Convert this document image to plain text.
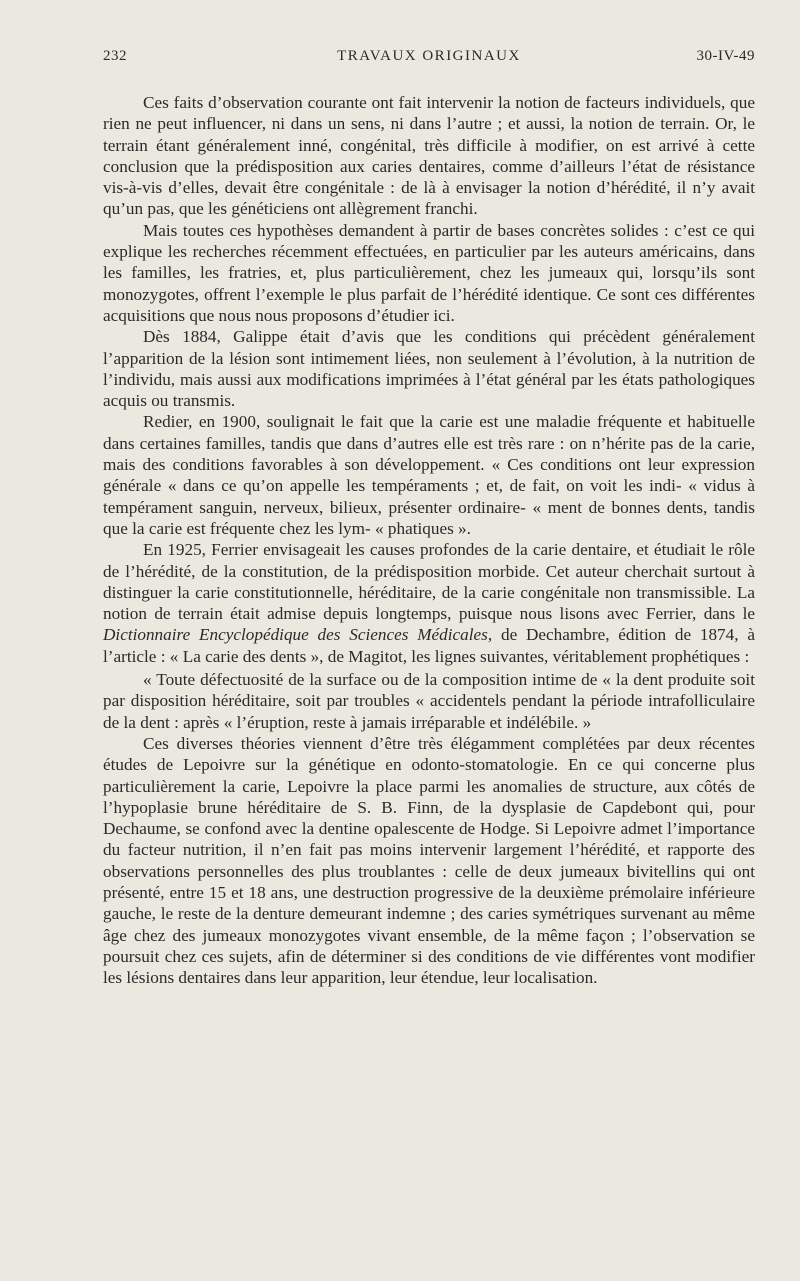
232	TRAVAUX ORIGINAUX	30-IV-49

Ces faits d’observation courante ont fait intervenir la notion de facteurs individuels, que rien ne peut influencer, ni dans un sens, ni dans l’autre ; et aussi, la notion de terrain. Or, le terrain étant généralement inné, congénital, très difficile à modifier, on est arrivé à cette conclusion que la prédisposition aux caries dentaires, comme d’ailleurs l’état de résistance vis-à-vis d’elles, devait être congénitale : de là à envisager la notion d’hérédité, il n’y avait qu’un pas, que les généticiens ont allègrement franchi.

Mais toutes ces hypothèses demandent à partir de bases concrètes solides : c’est ce qui explique les recherches récemment effectuées, en particulier par les auteurs américains, dans les familles, les fratries, et, plus particulièrement, chez les jumeaux qui, lorsqu’ils sont monozygotes, offrent l’exemple le plus parfait de l’hérédité identique. Ce sont ces différentes acquisitions que nous nous proposons d’étudier ici.

Dès 1884, Galippe était d’avis que les conditions qui précèdent généralement l’apparition de la lésion sont intimement liées, non seulement à l’évolution, à la nutrition de l’individu, mais aussi aux modifications imprimées à l’état général par les états pathologiques acquis ou transmis.

Redier, en 1900, soulignait le fait que la carie est une maladie fréquente et habituelle dans certaines familles, tandis que dans d’autres elle est très rare : on n’hérite pas de la carie, mais des conditions favorables à son développement. « Ces conditions ont leur expression générale « dans ce qu’on appelle les tempéraments ; et, de fait, on voit les indi- « vidus à tempérament sanguin, nerveux, bilieux, présenter ordinaire- « ment de bonnes dents, tandis que la carie est fréquente chez les lym- « phatiques ».

En 1925, Ferrier envisageait les causes profondes de la carie dentaire, et étudiait le rôle de l’hérédité, de la constitution, de la prédisposition morbide. Cet auteur cherchait surtout à distinguer la carie constitutionnelle, héréditaire, de la carie congénitale non transmissible. La notion de terrain était admise depuis longtemps, puisque nous lisons avec Ferrier, dans le Dictionnaire Encyclopédique des Sciences Médicales, de Dechambre, édition de 1874, à l’article : « La carie des dents », de Magitot, les lignes suivantes, véritablement prophétiques :

« Toute défectuosité de la surface ou de la composition intime de « la dent produite soit par disposition héréditaire, soit par troubles « accidentels pendant la période intrafolliculaire de la dent : après « l’éruption, reste à jamais irréparable et indélébile. »

Ces diverses théories viennent d’être très élégamment complétées par deux récentes études de Lepoivre sur la génétique en odonto-stomatologie. En ce qui concerne plus particulièrement la carie, Lepoivre la place parmi les anomalies de structure, aux côtés de l’hypoplasie brune héréditaire de S. B. Finn, de la dysplasie de Capdebont qui, pour Dechaume, se confond avec la dentine opalescente de Hodge. Si Lepoivre admet l’importance du facteur nutrition, il n’en fait pas moins intervenir largement l’hérédité, et rapporte des observations personnelles des plus troublantes : celle de deux jumeaux bivitellins qui ont présenté, entre 15 et 18 ans, une destruction progressive de la deuxième prémolaire inférieure gauche, le reste de la denture demeurant indemne ; des caries symétriques survenant au même âge chez des jumeaux monozygotes vivant ensemble, de la même façon ; l’observation se poursuit chez ces sujets, afin de déterminer si des conditions de vie différentes vont modifier les lésions dentaires dans leur apparition, leur étendue, leur localisation.
